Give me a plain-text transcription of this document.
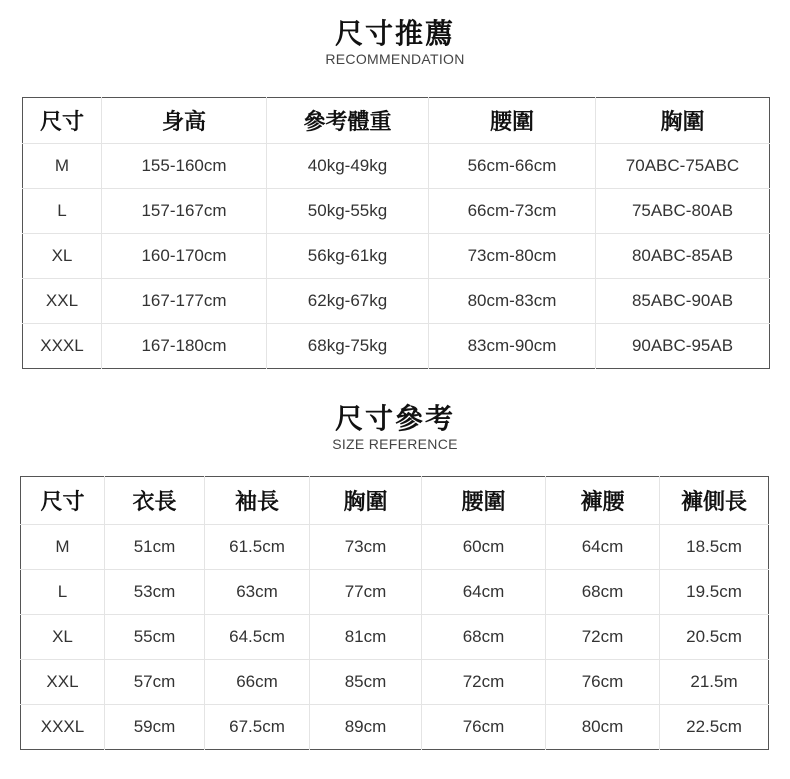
尺寸推薦
RECOMMENDATION
尺寸	身高	參考體重	腰圍	胸圍
M	155-160cm	40kg-49kg	56cm-66cm	70ABC-75ABC
L	157-167cm	50kg-55kg	66cm-73cm	75ABC-80AB
XL	160-170cm	56kg-61kg	73cm-80cm	80ABC-85AB
XXL	167-177cm	62kg-67kg	80cm-83cm	85ABC-90AB
XXXL	167-180cm	68kg-75kg	83cm-90cm	90ABC-95AB
尺寸參考
SIZE REFERENCE
尺寸	衣長	袖長	胸圍	腰圍	褲腰	褲側長
M	51cm	61.5cm	73cm	60cm	64cm	18.5cm
L	53cm	63cm	77cm	64cm	68cm	19.5cm
XL	55cm	64.5cm	81cm	68cm	72cm	20.5cm
XXL	57cm	66cm	85cm	72cm	76cm	21.5m
XXXL	59cm	67.5cm	89cm	76cm	80cm	22.5cm
